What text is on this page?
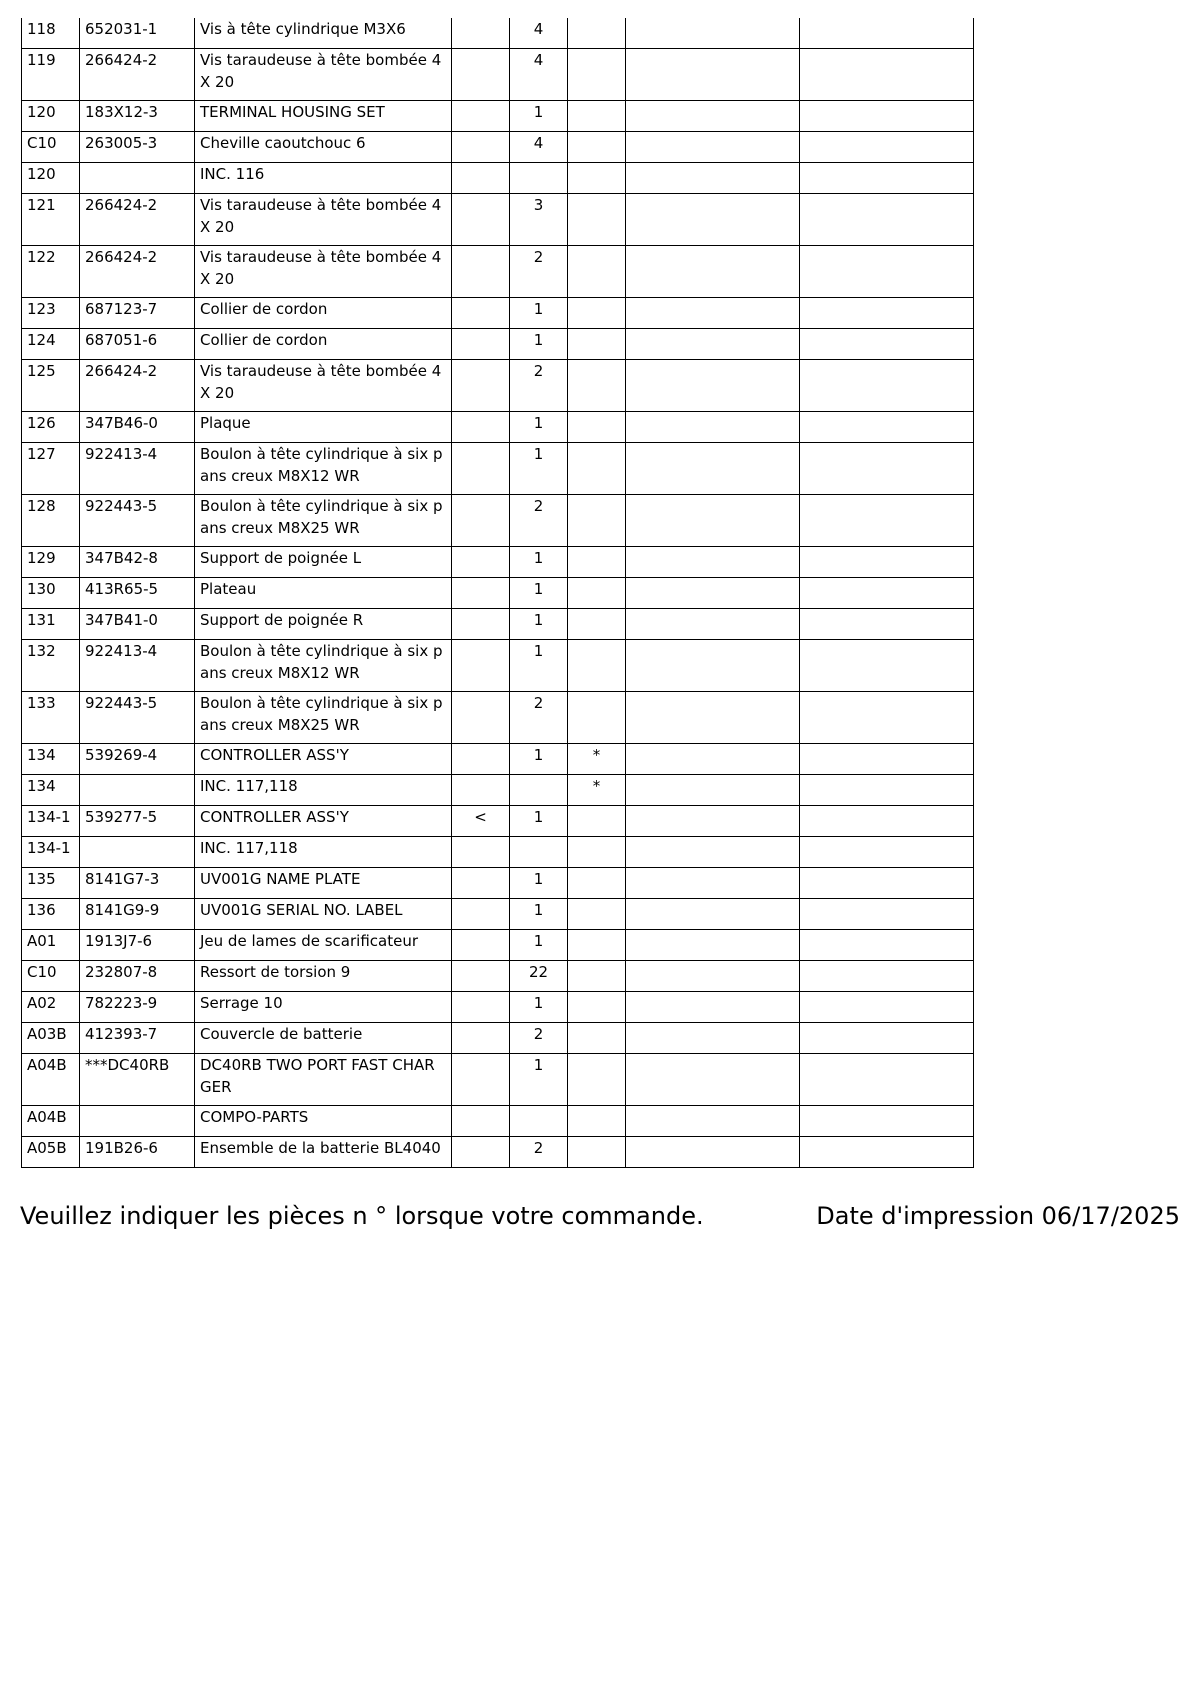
118	652031-1	Vis à tête cylindrique M3X6		4			
119	266424-2	Vis taraudeuse à tête bombée 4X 20		4			
120	183X12-3	TERMINAL HOUSING SET		1			
C10	263005-3	Cheville caoutchouc 6		4			
120		INC. 116					
121	266424-2	Vis taraudeuse à tête bombée 4X 20		3			
122	266424-2	Vis taraudeuse à tête bombée 4X 20		2			
123	687123-7	Collier de cordon		1			
124	687051-6	Collier de cordon		1			
125	266424-2	Vis taraudeuse à tête bombée 4X 20		2			
126	347B46-0	Plaque		1			
127	922413-4	Boulon à tête cylindrique à six pans creux M8X12 WR		1			
128	922443-5	Boulon à tête cylindrique à six pans creux M8X25 WR		2			
129	347B42-8	Support de poignée L		1			
130	413R65-5	Plateau		1			
131	347B41-0	Support de poignée R		1			
132	922413-4	Boulon à tête cylindrique à six pans creux M8X12 WR		1			
133	922443-5	Boulon à tête cylindrique à six pans creux M8X25 WR		2			
134	539269-4	CONTROLLER ASS'Y		1	*		
134		INC. 117,118			*		
134-1	539277-5	CONTROLLER ASS'Y	<	1			
134-1		INC. 117,118					
135	8141G7-3	UV001G NAME PLATE		1			
136	8141G9-9	UV001G SERIAL NO. LABEL		1			
A01	1913J7-6	Jeu de lames de scarificateur		1			
C10	232807-8	Ressort de torsion 9		22			
A02	782223-9	Serrage 10		1			
A03B	412393-7	Couvercle de batterie		2			
A04B	***DC40RB	DC40RB TWO PORT FAST CHARGER		1			
A04B		COMPO-PARTS					
A05B	191B26-6	Ensemble de la batterie BL4040		2			
Veuillez indiquer les pièces n ° lorsque votre commande.	Date d'impression 06/17/2025
